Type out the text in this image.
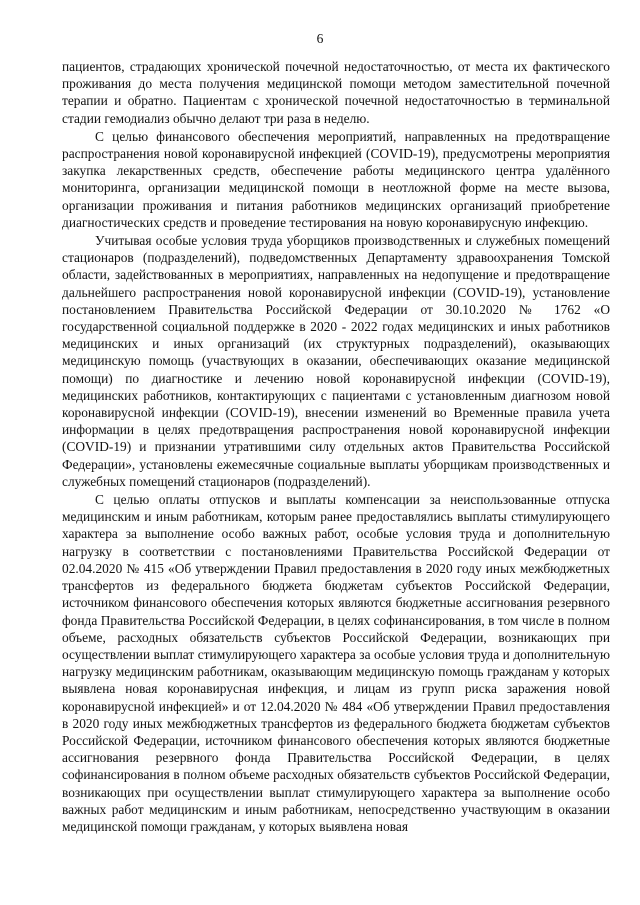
6

пациентов, страдающих хронической почечной недостаточностью, от места их фактического проживания до места получения медицинской помощи методом заместительной почечной терапии и обратно. Пациентам с хронической почечной недостаточностью в терминальной стадии гемодиализ обычно делают три раза в неделю.

С целью финансового обеспечения мероприятий, направленных на предотвращение распространения новой коронавирусной инфекцией (COVID-19), предусмотрены мероприятия закупка лекарственных средств, обеспечение работы медицинского центра удалённого мониторинга, организации медицинской помощи в неотложной форме на месте вызова, организации проживания и питания работников медицинских организаций приобретение диагностических средств и проведение тестирования на новую коронавирусную инфекцию.

Учитывая особые условия труда уборщиков производственных и служебных помещений стационаров (подразделений), подведомственных Департаменту здравоохранения Томской области, задействованных в мероприятиях, направленных на недопущение и предотвращение дальнейшего распространения новой коронавирусной инфекции (COVID-19), установление постановлением Правительства Российской Федерации от 30.10.2020 № 1762 «О государственной социальной поддержке в 2020 - 2022 годах медицинских и иных работников медицинских и иных организаций (их структурных подразделений), оказывающих медицинскую помощь (участвующих в оказании, обеспечивающих оказание медицинской помощи) по диагностике и лечению новой коронавирусной инфекции (COVID-19), медицинских работников, контактирующих с пациентами с установленным диагнозом новой коронавирусной инфекции (COVID-19), внесении изменений во Временные правила учета информации в целях предотвращения распространения новой коронавирусной инфекции (COVID-19) и признании утратившими силу отдельных актов Правительства Российской Федерации», установлены ежемесячные социальные выплаты уборщикам производственных и служебных помещений стационаров (подразделений).

С целью оплаты отпусков и выплаты компенсации за неиспользованные отпуска медицинским и иным работникам, которым ранее предоставлялись выплаты стимулирующего характера за выполнение особо важных работ, особые условия труда и дополнительную нагрузку в соответствии с постановлениями Правительства Российской Федерации от 02.04.2020 № 415 «Об утверждении Правил предоставления в 2020 году иных межбюджетных трансфертов из федерального бюджета бюджетам субъектов Российской Федерации, источником финансового обеспечения которых являются бюджетные ассигнования резервного фонда Правительства Российской Федерации, в целях софинансирования, в том числе в полном объеме, расходных обязательств субъектов Российской Федерации, возникающих при осуществлении выплат стимулирующего характера за особые условия труда и дополнительную нагрузку медицинским работникам, оказывающим медицинскую помощь гражданам у которых выявлена новая коронавирусная инфекция, и лицам из групп риска заражения новой коронавирусной инфекцией» и от 12.04.2020 № 484 «Об утверждении Правил предоставления в 2020 году иных межбюджетных трансфертов из федерального бюджета бюджетам субъектов Российской Федерации, источником финансового обеспечения которых являются бюджетные ассигнования резервного фонда Правительства Российской Федерации, в целях софинансирования в полном объеме расходных обязательств субъектов Российской Федерации, возникающих при осуществлении выплат стимулирующего характера за выполнение особо важных работ медицинским и иным работникам, непосредственно участвующим в оказании медицинской помощи гражданам, у которых выявлена новая
